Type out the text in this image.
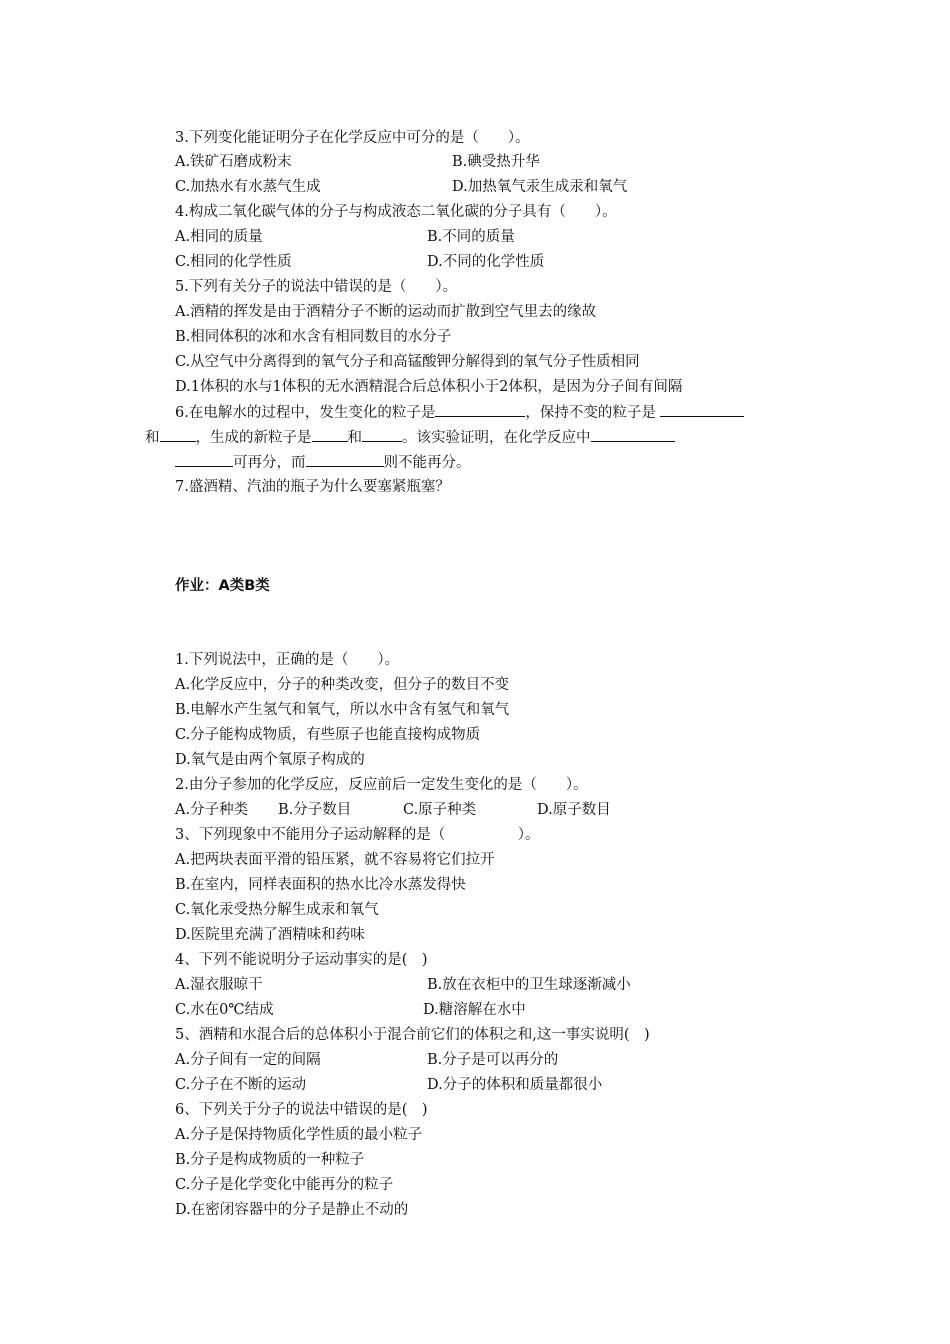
3.下列变化能证明分子在化学反应中可分的是（　　）。
A.铁矿石磨成粉末	B.碘受热升华
C.加热水有水蒸气生成	D.加热氧气汞生成汞和氧气
4.构成二氧化碳气体的分子与构成液态二氧化碳的分子具有（　　）。
A.相同的质量	B.不同的质量
C.相同的化学性质	D.不同的化学性质
5.下列有关分子的说法中错误的是（　　）。
A.酒精的挥发是由于酒精分子不断的运动而扩散到空气里去的缘故
B.相同体积的冰和水含有相同数目的水分子
C.从空气中分离得到的氧气分子和高锰酸钾分解得到的氧气分子性质相同
D.1体积的水与1体积的无水酒精混合后总体积小于2体积，是因为分子间有间隔
6.在电解水的过程中，发生变化的粒子是	，保持不变的粒子是
和 ，生成的新粒子是 和	。该实验证明，在化学反应中
可再分，而	则不能再分。
7.盛酒精、汽油的瓶子为什么要塞紧瓶塞？
作业：A类B类
1.下列说法中，正确的是（　　）。
A.化学反应中，分子的种类改变，但分子的数目不变
B.电解水产生氢气和氧气，所以水中含有氢气和氧气
C.分子能构成物质，有些原子也能直接构成物质
D.氧气是由两个氧原子构成的
2.由分子参加的化学反应，反应前后一定发生变化的是（　　）。
A.分子种类 B.分子数目	C.原子种类	D.原子数目
3、下列现象中不能用分子运动解释的是（　　　　　）。
A.把两块表面平滑的铅压紧，就不容易将它们拉开
B.在室内，同样表面积的热水比冷水蒸发得快
C.氧化汞受热分解生成汞和氧气
D.医院里充满了酒精味和药味
4、下列不能说明分子运动事实的是(　)
A.湿衣服晾干	B.放在衣柜中的卫生球逐渐减小
C.水在0℃结成	D.糖溶解在水中
5、酒精和水混合后的总体积小于混合前它们的体积之和,这一事实说明(　)
A.分子间有一定的间隔	B.分子是可以再分的
C.分子在不断的运动	D.分子的体积和质量都很小
6、下列关于分子的说法中错误的是(　)
A.分子是保持物质化学性质的最小粒子
B.分子是构成物质的一种粒子
C.分子是化学变化中能再分的粒子
D.在密闭容器中的分子是静止不动的
